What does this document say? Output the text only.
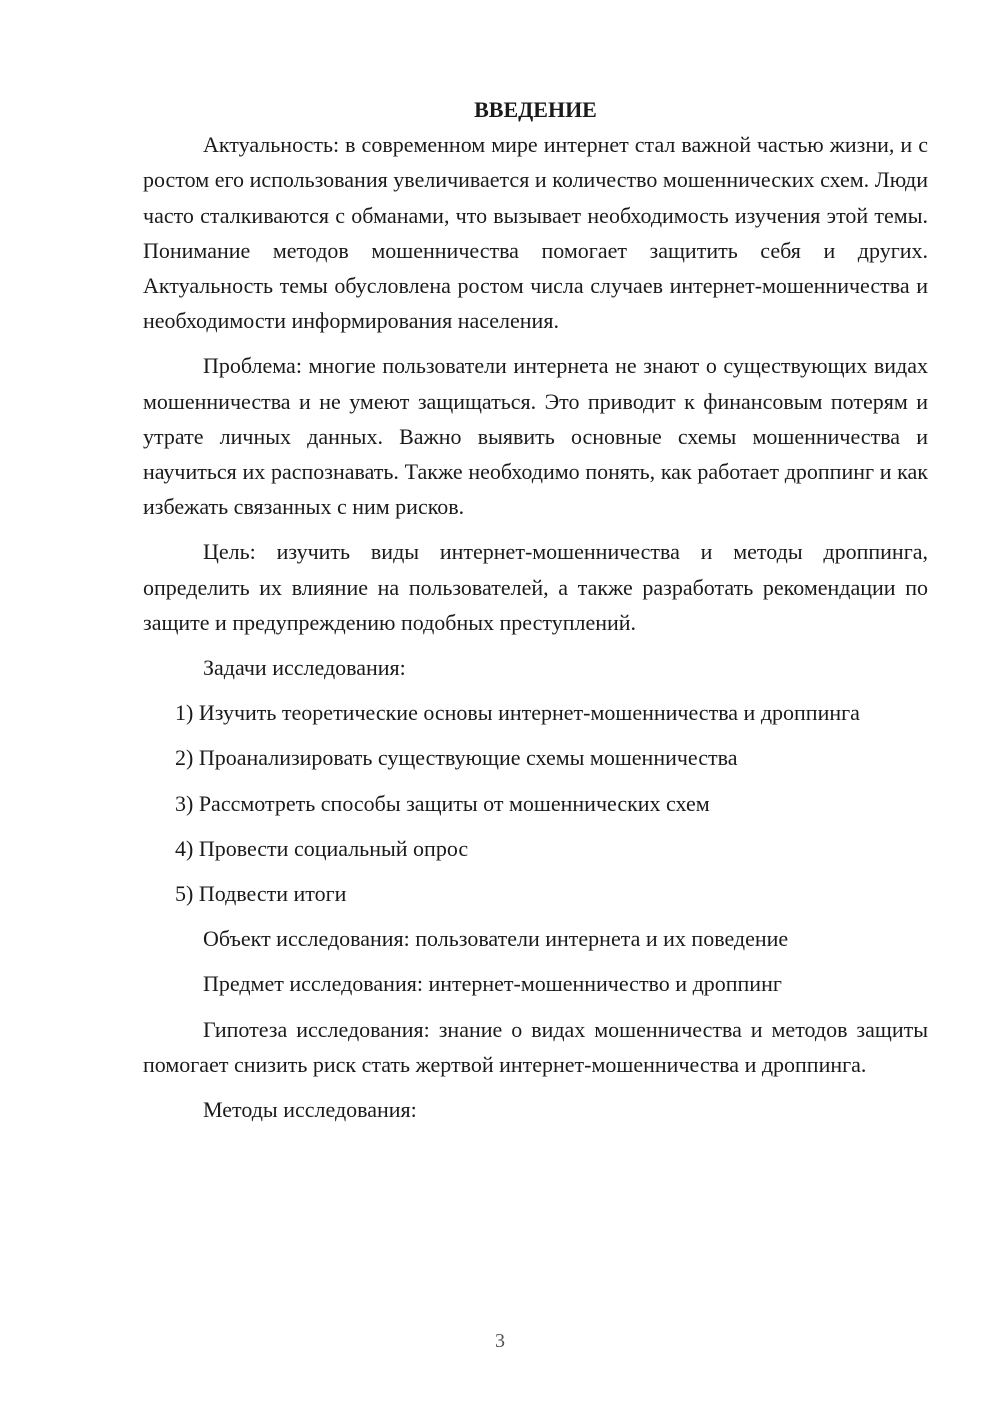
ВВЕДЕНИЕ

Актуальность: в современном мире интернет стал важной частью жизни, и с ростом его использования увеличивается и количество мошеннических схем. Люди часто сталкиваются с обманами, что вызывает необходимость изучения этой темы. Понимание методов мошенничества помогает защитить себя и других. Актуальность темы обусловлена ростом числа случаев интернет-мошенничества и необходимости информирования населения.

Проблема: многие пользователи интернета не знают о существующих видах мошенничества и не умеют защищаться. Это приводит к финансовым потерям и утрате личных данных. Важно выявить основные схемы мошенничества и научиться их распознавать. Также необходимо понять, как работает дроппинг и как избежать связанных с ним рисков.

Цель: изучить виды интернет-мошенничества и методы дроппинга, определить их влияние на пользователей, а также разработать рекомендации по защите и предупреждению подобных преступлений.

Задачи исследования:

1) Изучить теоретические основы интернет-мошенничества и дроппинга

2) Проанализировать существующие схемы мошенничества

3) Рассмотреть способы защиты от мошеннических схем

4) Провести социальный опрос

5) Подвести итоги

Объект исследования: пользователи интернета и их поведение

Предмет исследования: интернет-мошенничество и дроппинг

Гипотеза исследования: знание о видах мошенничества и методов защиты помогает снизить риск стать жертвой интернет-мошенничества и дроппинга.

Методы исследования:

3
